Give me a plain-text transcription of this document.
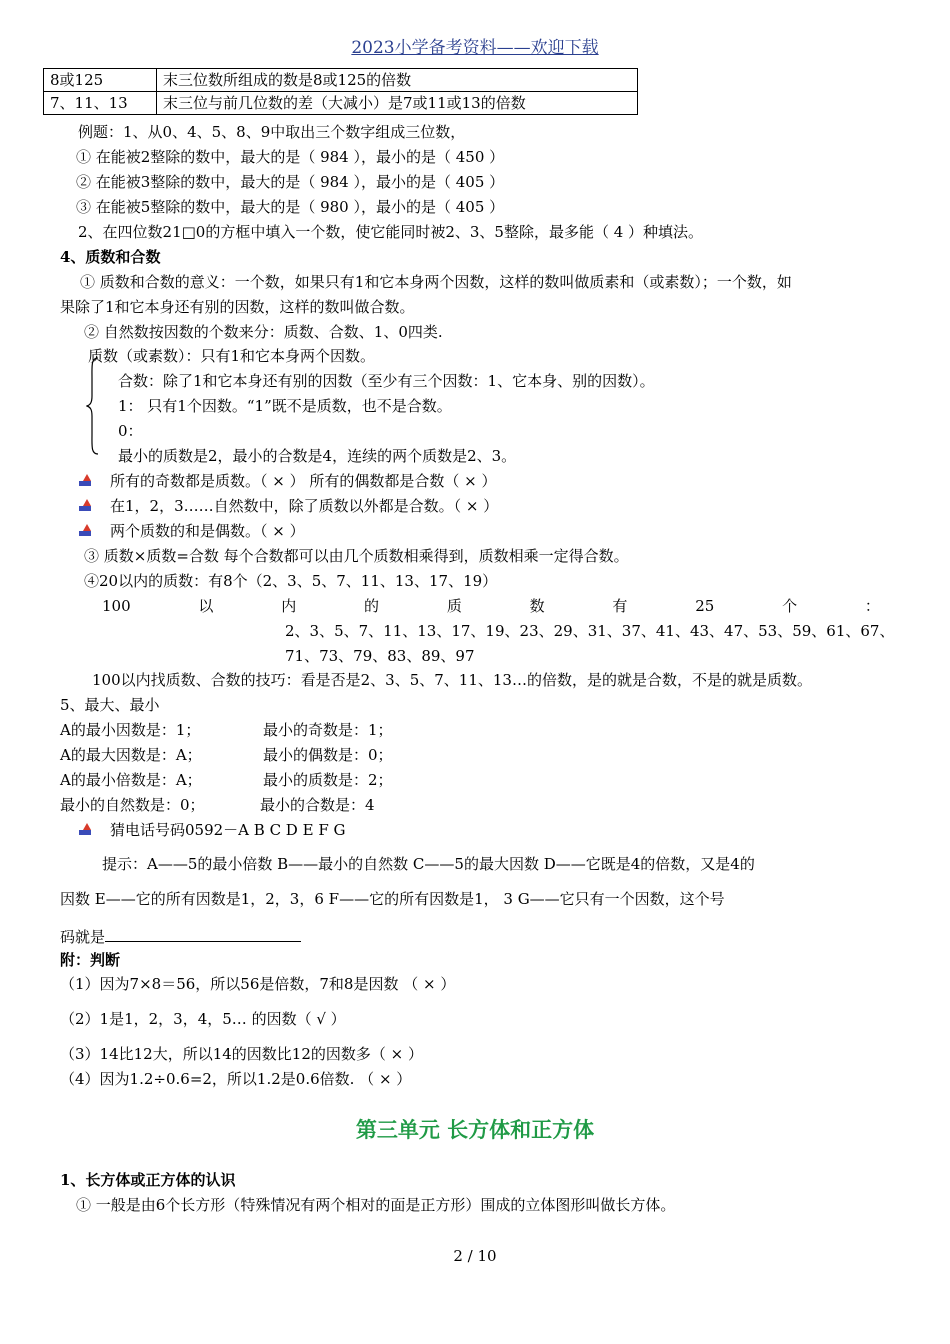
2023小学备考资料——欢迎下载
8或125	末三位数所组成的数是8或125的倍数
7、11、13	末三位与前几位数的差（大减小）是7或11或13的倍数
例题：1、从0、4、5、8、9中取出三个数字组成三位数，
① 在能被2整除的数中，最大的是（ 984 ），最小的是（ 450 ）
② 在能被3整除的数中，最大的是（ 984 ），最小的是（ 405 ）
③ 在能被5整除的数中，最大的是（ 980 ），最小的是（ 405 ）
2、在四位数21□0的方框中填入一个数，使它能同时被2、3、5整除，最多能（ 4 ）种填法。
4、质数和合数
① 质数和合数的意义：一个数，如果只有1和它本身两个因数，这样的数叫做质素和（或素数）；一个数，如
果除了1和它本身还有别的因数，这样的数叫做合数。
② 自然数按因数的个数来分：质数、合数、1、0四类.
质数（或素数）：只有1和它本身两个因数。
合数：除了1和它本身还有别的因数（至少有三个因数：1、它本身、别的因数）。
1： 只有1个因数。“1”既不是质数，也不是合数。
0：
最小的质数是2，最小的合数是4，连续的两个质数是2、3。
所有的奇数都是质数。（ × ） 所有的偶数都是合数（ × ）
在1，2，3……自然数中，除了质数以外都是合数。（ × ）
两个质数的和是偶数。（ × ）
③ 质数×质数=合数 每个合数都可以由几个质数相乘得到，质数相乘一定得合数。
④20以内的质数：有8个（2、3、5、7、11、13、17、19）
100	以	内	的	质	数	有	25	个	：
2、3、5、7、11、13、17、19、23、29、31、37、41、43、47、53、59、61、67、
71、73、79、83、89、97
100以内找质数、合数的技巧：看是否是2、3、5、7、11、13…的倍数，是的就是合数，不是的就是质数。
5、最大、最小
A的最小因数是：1；	最小的奇数是：1；
A的最大因数是：A；	最小的偶数是：0；
A的最小倍数是：A；	最小的质数是：2；
最小的自然数是：0；	最小的合数是：4
猜电话号码0592－A B C D E F G
提示：A——5的最小倍数 B——最小的自然数 C——5的最大因数 D——它既是4的倍数，又是4的
因数 E——它的所有因数是1，2，3，6 F——它的所有因数是1， 3 G——它只有一个因数，这个号
码就是
附：判断
（1）因为7×8＝56，所以56是倍数，7和8是因数 （ × ）
（2）1是1，2，3，4，5… 的因数（ √ ）
（3）14比12大，所以14的因数比12的因数多（ × ）
（4）因为1.2÷0.6=2，所以1.2是0.6倍数. （ × ）
第三单元 长方体和正方体
1、长方体或正方体的认识
① 一般是由6个长方形（特殊情况有两个相对的面是正方形）围成的立体图形叫做长方体。
2 / 10
